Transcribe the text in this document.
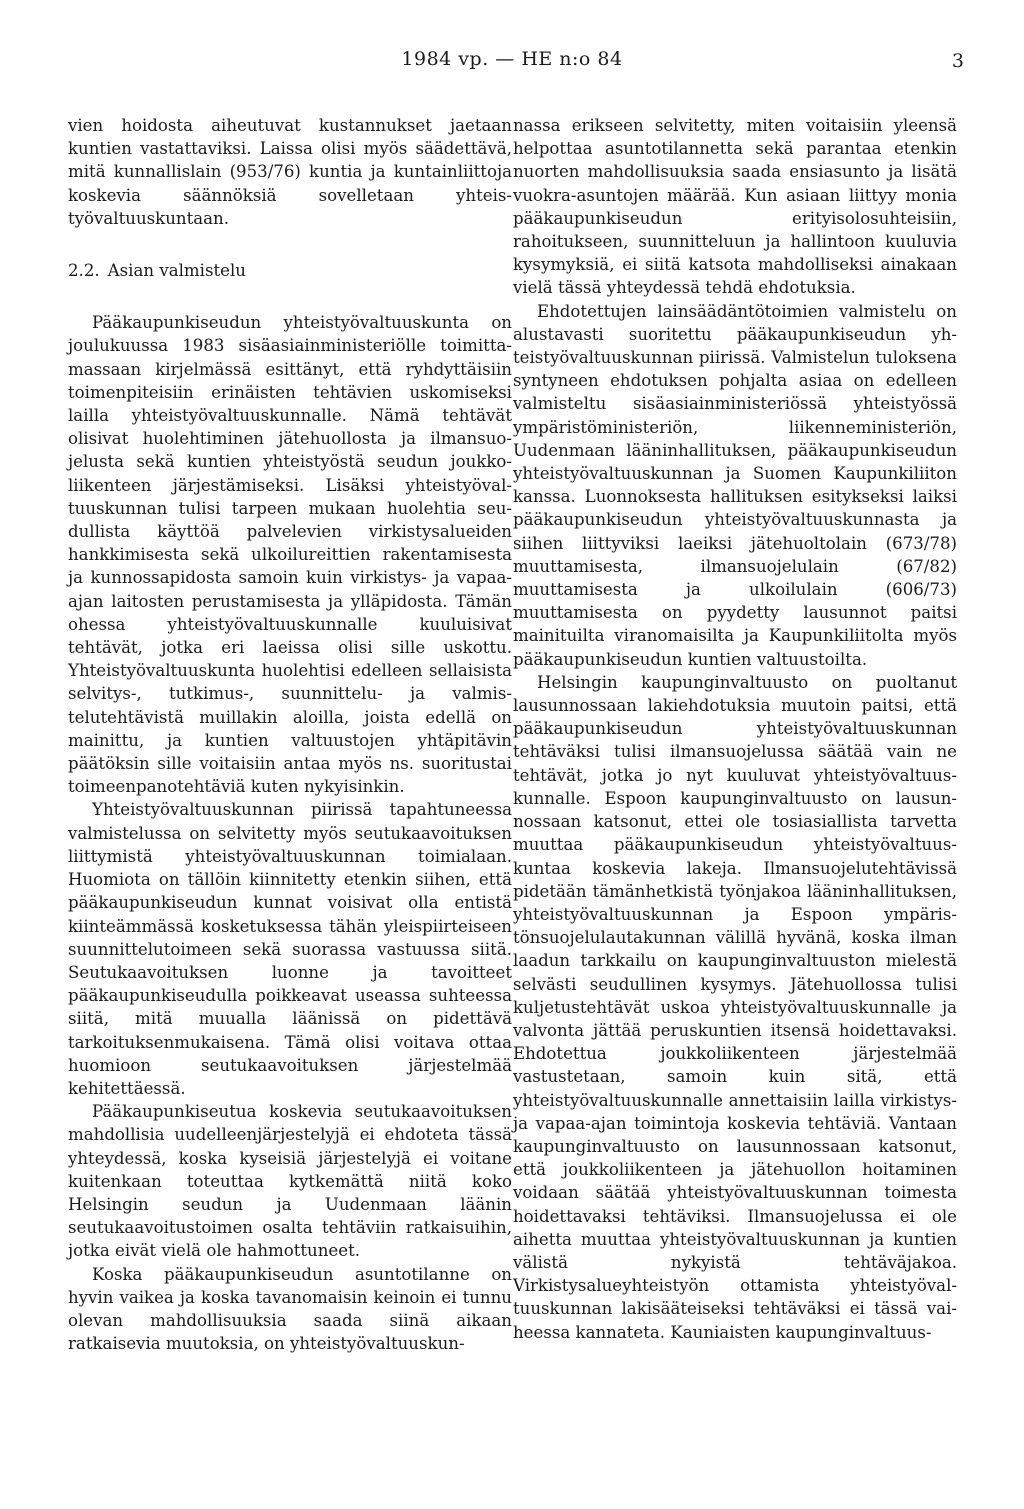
1984 vp. — HE n:o 84	3

vien hoidosta aiheutuvat kustannukset jaetaan kuntien vastattaviksi. Laissa olisi myös säädettävä, mitä kunnallislain (953/76) kuntia ja kuntainliittoja koskevia säännöksiä sovelletaan yhteistyövaltuuskuntaan.

2.2. Asian valmistelu

Pääkaupunkiseudun yhteistyövaltuuskunta on joulukuussa 1983 sisäasiainministeriölle toimittamassaan kirjelmässä esittänyt, että ryhdyttäisiin toimenpiteisiin erinäisten tehtävien uskomiseksi lailla yhteistyövaltuuskunnalle. Nämä tehtävät olisivat huolehtiminen jätehuollosta ja ilmansuojelusta sekä kuntien yhteistyöstä seudun joukkoliikenteen järjestämiseksi. Lisäksi yhteistyövaltuuskunnan tulisi tarpeen mukaan huolehtia seudullista käyttöä palvelevien virkistysalueiden hankkimisesta sekä ulkoilureittien rakentamisesta ja kunnossapidosta samoin kuin virkistys- ja vapaa-ajan laitosten perustamisesta ja ylläpidosta. Tämän ohessa yhteistyövaltuuskunnalle kuuluisivat tehtävät, jotka eri laeissa olisi sille uskottu. Yhteistyövaltuuskunta huolehtisi edelleen sellaisista selvitys-, tutkimus-, suunnittelu- ja valmistelutehtävistä muillakin aloilla, joista edellä on mainittu, ja kuntien valtuustojen yhtäpitävin päätöksin sille voitaisiin antaa myös ns. suoritustai toimeenpanotehtäviä kuten nykyisinkin.

Yhteistyövaltuuskunnan piirissä tapahtuneessa valmistelussa on selvitetty myös seutukaavoituksen liittymistä yhteistyövaltuuskunnan toimialaan. Huomiota on tällöin kiinnitetty etenkin siihen, että pääkaupunkiseudun kunnat voisivat olla entistä kiinteämmässä kosketuksessa tähän yleispiirteiseen suunnittelutoimeen sekä suorassa vastuussa siitä. Seutukaavoituksen luonne ja tavoitteet pääkaupunkiseudulla poikkeavat useassa suhteessa siitä, mitä muualla läänissä on pidettävä tarkoituksenmukaisena. Tämä olisi voitava ottaa huomioon seutukaavoituksen järjestelmää kehitettäessä.

Pääkaupunkiseutua koskevia seutukaavoituksen mahdollisia uudelleenjärjestelyjä ei ehdoteta tässä yhteydessä, koska kyseisiä järjestelyjä ei voitane kuitenkaan toteuttaa kytkemättä niitä koko Helsingin seudun ja Uudenmaan läänin seutukaavoitustoimen osalta tehtäviin ratkaisuihin, jotka eivät vielä ole hahmottuneet.

Koska pääkaupunkiseudun asuntotilanne on hyvin vaikea ja koska tavanomaisin keinoin ei tunnu olevan mahdollisuuksia saada siinä aikaan ratkaisevia muutoksia, on yhteistyövaltuuskun-

nassa erikseen selvitetty, miten voitaisiin yleensä helpottaa asuntotilannetta sekä parantaa etenkin nuorten mahdollisuuksia saada ensiasunto ja lisätä vuokra-asuntojen määrää. Kun asiaan liittyy monia pääkaupunkiseudun erityisolosuhteisiin, rahoitukseen, suunnitteluun ja hallintoon kuuluvia kysymyksiä, ei siitä katsota mahdolliseksi ainakaan vielä tässä yhteydessä tehdä ehdotuksia.

Ehdotettujen lainsäädäntötoimien valmistelu on alustavasti suoritettu pääkaupunkiseudun yhteistyövaltuuskunnan piirissä. Valmistelun tuloksena syntyneen ehdotuksen pohjalta asiaa on edelleen valmisteltu sisäasiainministeriössä yhteistyössä ympäristöministeriön, liikenneministeriön, Uudenmaan lääninhallituksen, pääkaupunkiseudun yhteistyövaltuuskunnan ja Suomen Kaupunkiliiton kanssa. Luonnoksesta hallituksen esitykseksi laiksi pääkaupunkiseudun yhteistyövaltuuskunnasta ja siihen liittyviksi laeiksi jätehuoltolain (673/78) muuttamisesta, ilmansuojelulain (67/82) muuttamisesta ja ulkoilulain (606/73) muuttamisesta on pyydetty lausunnot paitsi mainituilta viranomaisilta ja Kaupunkiliitolta myös pääkaupunkiseudun kuntien valtuustoilta.

Helsingin kaupunginvaltuusto on puoltanut lausunnossaan lakiehdotuksia muutoin paitsi, että pääkaupunkiseudun yhteistyövaltuuskunnan tehtäväksi tulisi ilmansuojelussa säätää vain ne tehtävät, jotka jo nyt kuuluvat yhteistyövaltuuskunnalle. Espoon kaupunginvaltuusto on lausunnossaan katsonut, ettei ole tosiasiallista tarvetta muuttaa pääkaupunkiseudun yhteistyövaltuuskuntaa koskevia lakeja. Ilmansuojelutehtävissä pidetään tämänhetkistä työnjakoa lääninhallituksen, yhteistyövaltuuskunnan ja Espoon ympäristönsuojelulautakunnan välillä hyvänä, koska ilman laadun tarkkailu on kaupunginvaltuuston mielestä selvästi seudullinen kysymys. Jätehuollossa tulisi kuljetustehtävät uskoa yhteistyövaltuuskunnalle ja valvonta jättää peruskuntien itsensä hoidettavaksi. Ehdotettua joukkoliikenteen järjestelmää vastustetaan, samoin kuin sitä, että yhteistyövaltuuskunnalle annettaisiin lailla virkistys- ja vapaa-ajan toimintoja koskevia tehtäviä. Vantaan kaupunginvaltuusto on lausunnossaan katsonut, että joukkoliikenteen ja jätehuollon hoitaminen voidaan säätää yhteistyövaltuuskunnan toimesta hoidettavaksi tehtäviksi. Ilmansuojelussa ei ole aihetta muuttaa yhteistyövaltuuskunnan ja kuntien välistä nykyistä tehtäväjakoa. Virkistysalueyhteistyön ottamista yhteistyövaltuuskunnan lakisääteiseksi tehtäväksi ei tässä vaiheessa kannateta. Kauniaisten kaupunginvaltuus-
